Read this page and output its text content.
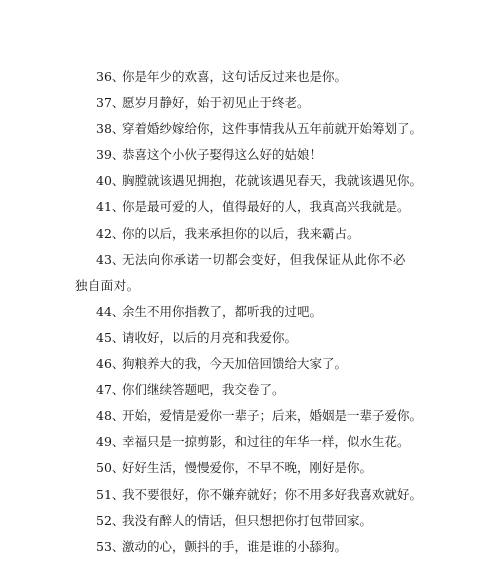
36、
你是年少的欢喜，这句话反过来也是你。
37、
愿岁月静好，始于初见止于终老。
38、
穿着婚纱嫁给你，这件事情我从五年前就开始筹划了。
39、
恭喜这个小伙子娶得这么好的姑娘！
40、
胸膛就该遇见拥抱，花就该遇见春天，我就该遇见你。
41、
你是最可爱的人，值得最好的人，我真高兴我就是。
42、
你的以后，我来承担你的以后，我来霸占。
43、
无法向你承诺一切都会变好，但我保证从此你不必独自面对。
44、
余生不用你指教了，都听我的过吧。
45、
请收好，以后的月亮和我爱你。
46、
狗粮养大的我，今天加倍回馈给大家了。
47、
你们继续答题吧，我交卷了。
48、
开始，爱情是爱你一辈子；后来，婚姻是一辈子爱你。
49、
幸福只是一掠剪影，和过往的年华一样，似水生花。
50、
好好生活，慢慢爱你，不早不晚，刚好是你。
51、
我不要很好，你不嫌弃就好；你不用多好我喜欢就好。
52、
我没有醉人的情话，但只想把你打包带回家。
53、
激动的心，颤抖的手，谁是谁的小舔狗。
